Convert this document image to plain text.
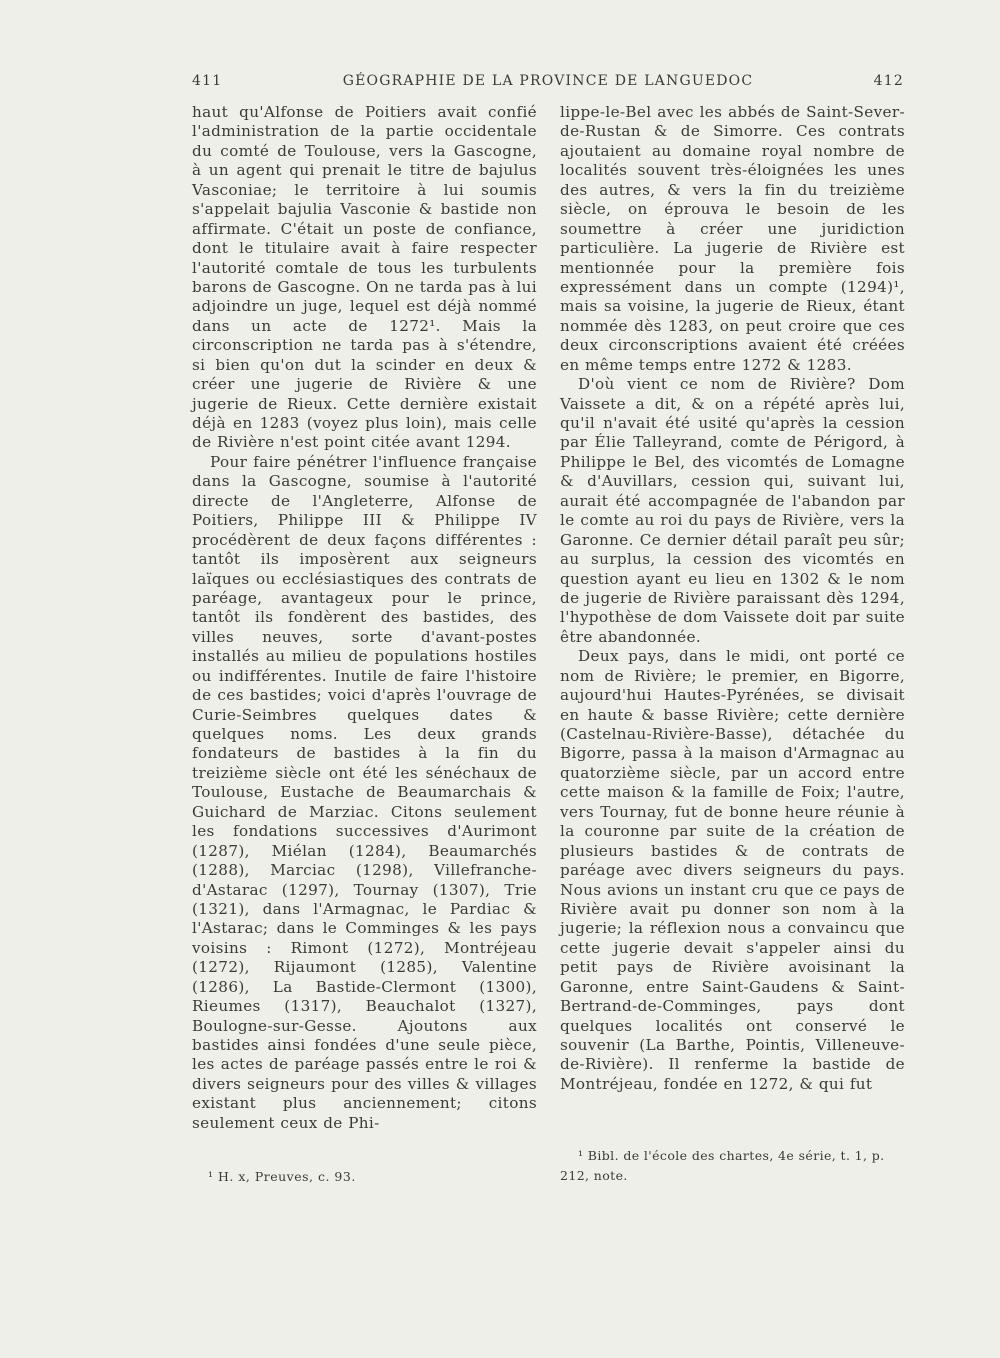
411	GÉOGRAPHIE DE LA PROVINCE DE LANGUEDOC	412

haut qu'Alfonse de Poitiers avait confié l'administration de la partie occidentale du comté de Toulouse, vers la Gascogne, à un agent qui prenait le titre de bajulus Vasconiae; le territoire à lui soumis s'appelait bajulia Vasconie & bastide non affirmate. C'était un poste de confiance, dont le titulaire avait à faire respecter l'autorité comtale de tous les turbulents barons de Gascogne. On ne tarda pas à lui adjoindre un juge, lequel est déjà nommé dans un acte de 1272¹. Mais la circonscription ne tarda pas à s'étendre, si bien qu'on dut la scinder en deux & créer une jugerie de Rivière & une jugerie de Rieux. Cette dernière existait déjà en 1283 (voyez plus loin), mais celle de Rivière n'est point citée avant 1294.

Pour faire pénétrer l'influence française dans la Gascogne, soumise à l'autorité directe de l'Angleterre, Alfonse de Poitiers, Philippe III & Philippe IV procédèrent de deux façons différentes : tantôt ils imposèrent aux seigneurs laïques ou ecclésiastiques des contrats de paréage, avantageux pour le prince, tantôt ils fondèrent des bastides, des villes neuves, sorte d'avant-postes installés au milieu de populations hostiles ou indifférentes. Inutile de faire l'histoire de ces bastides; voici d'après l'ouvrage de Curie-Seimbres quelques dates & quelques noms. Les deux grands fondateurs de bastides à la fin du treizième siècle ont été les sénéchaux de Toulouse, Eustache de Beaumarchais & Guichard de Marziac. Citons seulement les fondations successives d'Aurimont (1287), Miélan (1284), Beaumarchés (1288), Marciac (1298), Villefranche-d'Astarac (1297), Tournay (1307), Trie (1321), dans l'Armagnac, le Pardiac & l'Astarac; dans le Comminges & les pays voisins : Rimont (1272), Montréjeau (1272), Rijaumont (1285), Valentine (1286), La Bastide-Clermont (1300), Rieumes (1317), Beauchalot (1327), Boulogne-sur-Gesse. Ajoutons aux bastides ainsi fondées d'une seule pièce, les actes de paréage passés entre le roi & divers seigneurs pour des villes & villages existant plus anciennement; citons seulement ceux de Phi-

¹ H. x, Preuves, c. 93.

lippe-le-Bel avec les abbés de Saint-Sever-de-Rustan & de Simorre. Ces contrats ajoutaient au domaine royal nombre de localités souvent très-éloignées les unes des autres, & vers la fin du treizième siècle, on éprouva le besoin de les soumettre à créer une juridiction particulière. La jugerie de Rivière est mentionnée pour la première fois expressément dans un compte (1294)¹, mais sa voisine, la jugerie de Rieux, étant nommée dès 1283, on peut croire que ces deux circonscriptions avaient été créées en même temps entre 1272 & 1283.

D'où vient ce nom de Rivière? Dom Vaissete a dit, & on a répété après lui, qu'il n'avait été usité qu'après la cession par Élie Talleyrand, comte de Périgord, à Philippe le Bel, des vicomtés de Lomagne & d'Auvillars, cession qui, suivant lui, aurait été accompagnée de l'abandon par le comte au roi du pays de Rivière, vers la Garonne. Ce dernier détail paraît peu sûr; au surplus, la cession des vicomtés en question ayant eu lieu en 1302 & le nom de jugerie de Rivière paraissant dès 1294, l'hypothèse de dom Vaissete doit par suite être abandonnée.

Deux pays, dans le midi, ont porté ce nom de Rivière; le premier, en Bigorre, aujourd'hui Hautes-Pyrénées, se divisait en haute & basse Rivière; cette dernière (Castelnau-Rivière-Basse), détachée du Bigorre, passa à la maison d'Armagnac au quatorzième siècle, par un accord entre cette maison & la famille de Foix; l'autre, vers Tournay, fut de bonne heure réunie à la couronne par suite de la création de plusieurs bastides & de contrats de paréage avec divers seigneurs du pays. Nous avions un instant cru que ce pays de Rivière avait pu donner son nom à la jugerie; la réflexion nous a convaincu que cette jugerie devait s'appeler ainsi du petit pays de Rivière avoisinant la Garonne, entre Saint-Gaudens & Saint-Bertrand-de-Comminges, pays dont quelques localités ont conservé le souvenir (La Barthe, Pointis, Villeneuve-de-Rivière). Il renferme la bastide de Montréjeau, fondée en 1272, & qui fut

¹ Bibl. de l'école des chartes, 4e série, t. 1, p. 212, note.
